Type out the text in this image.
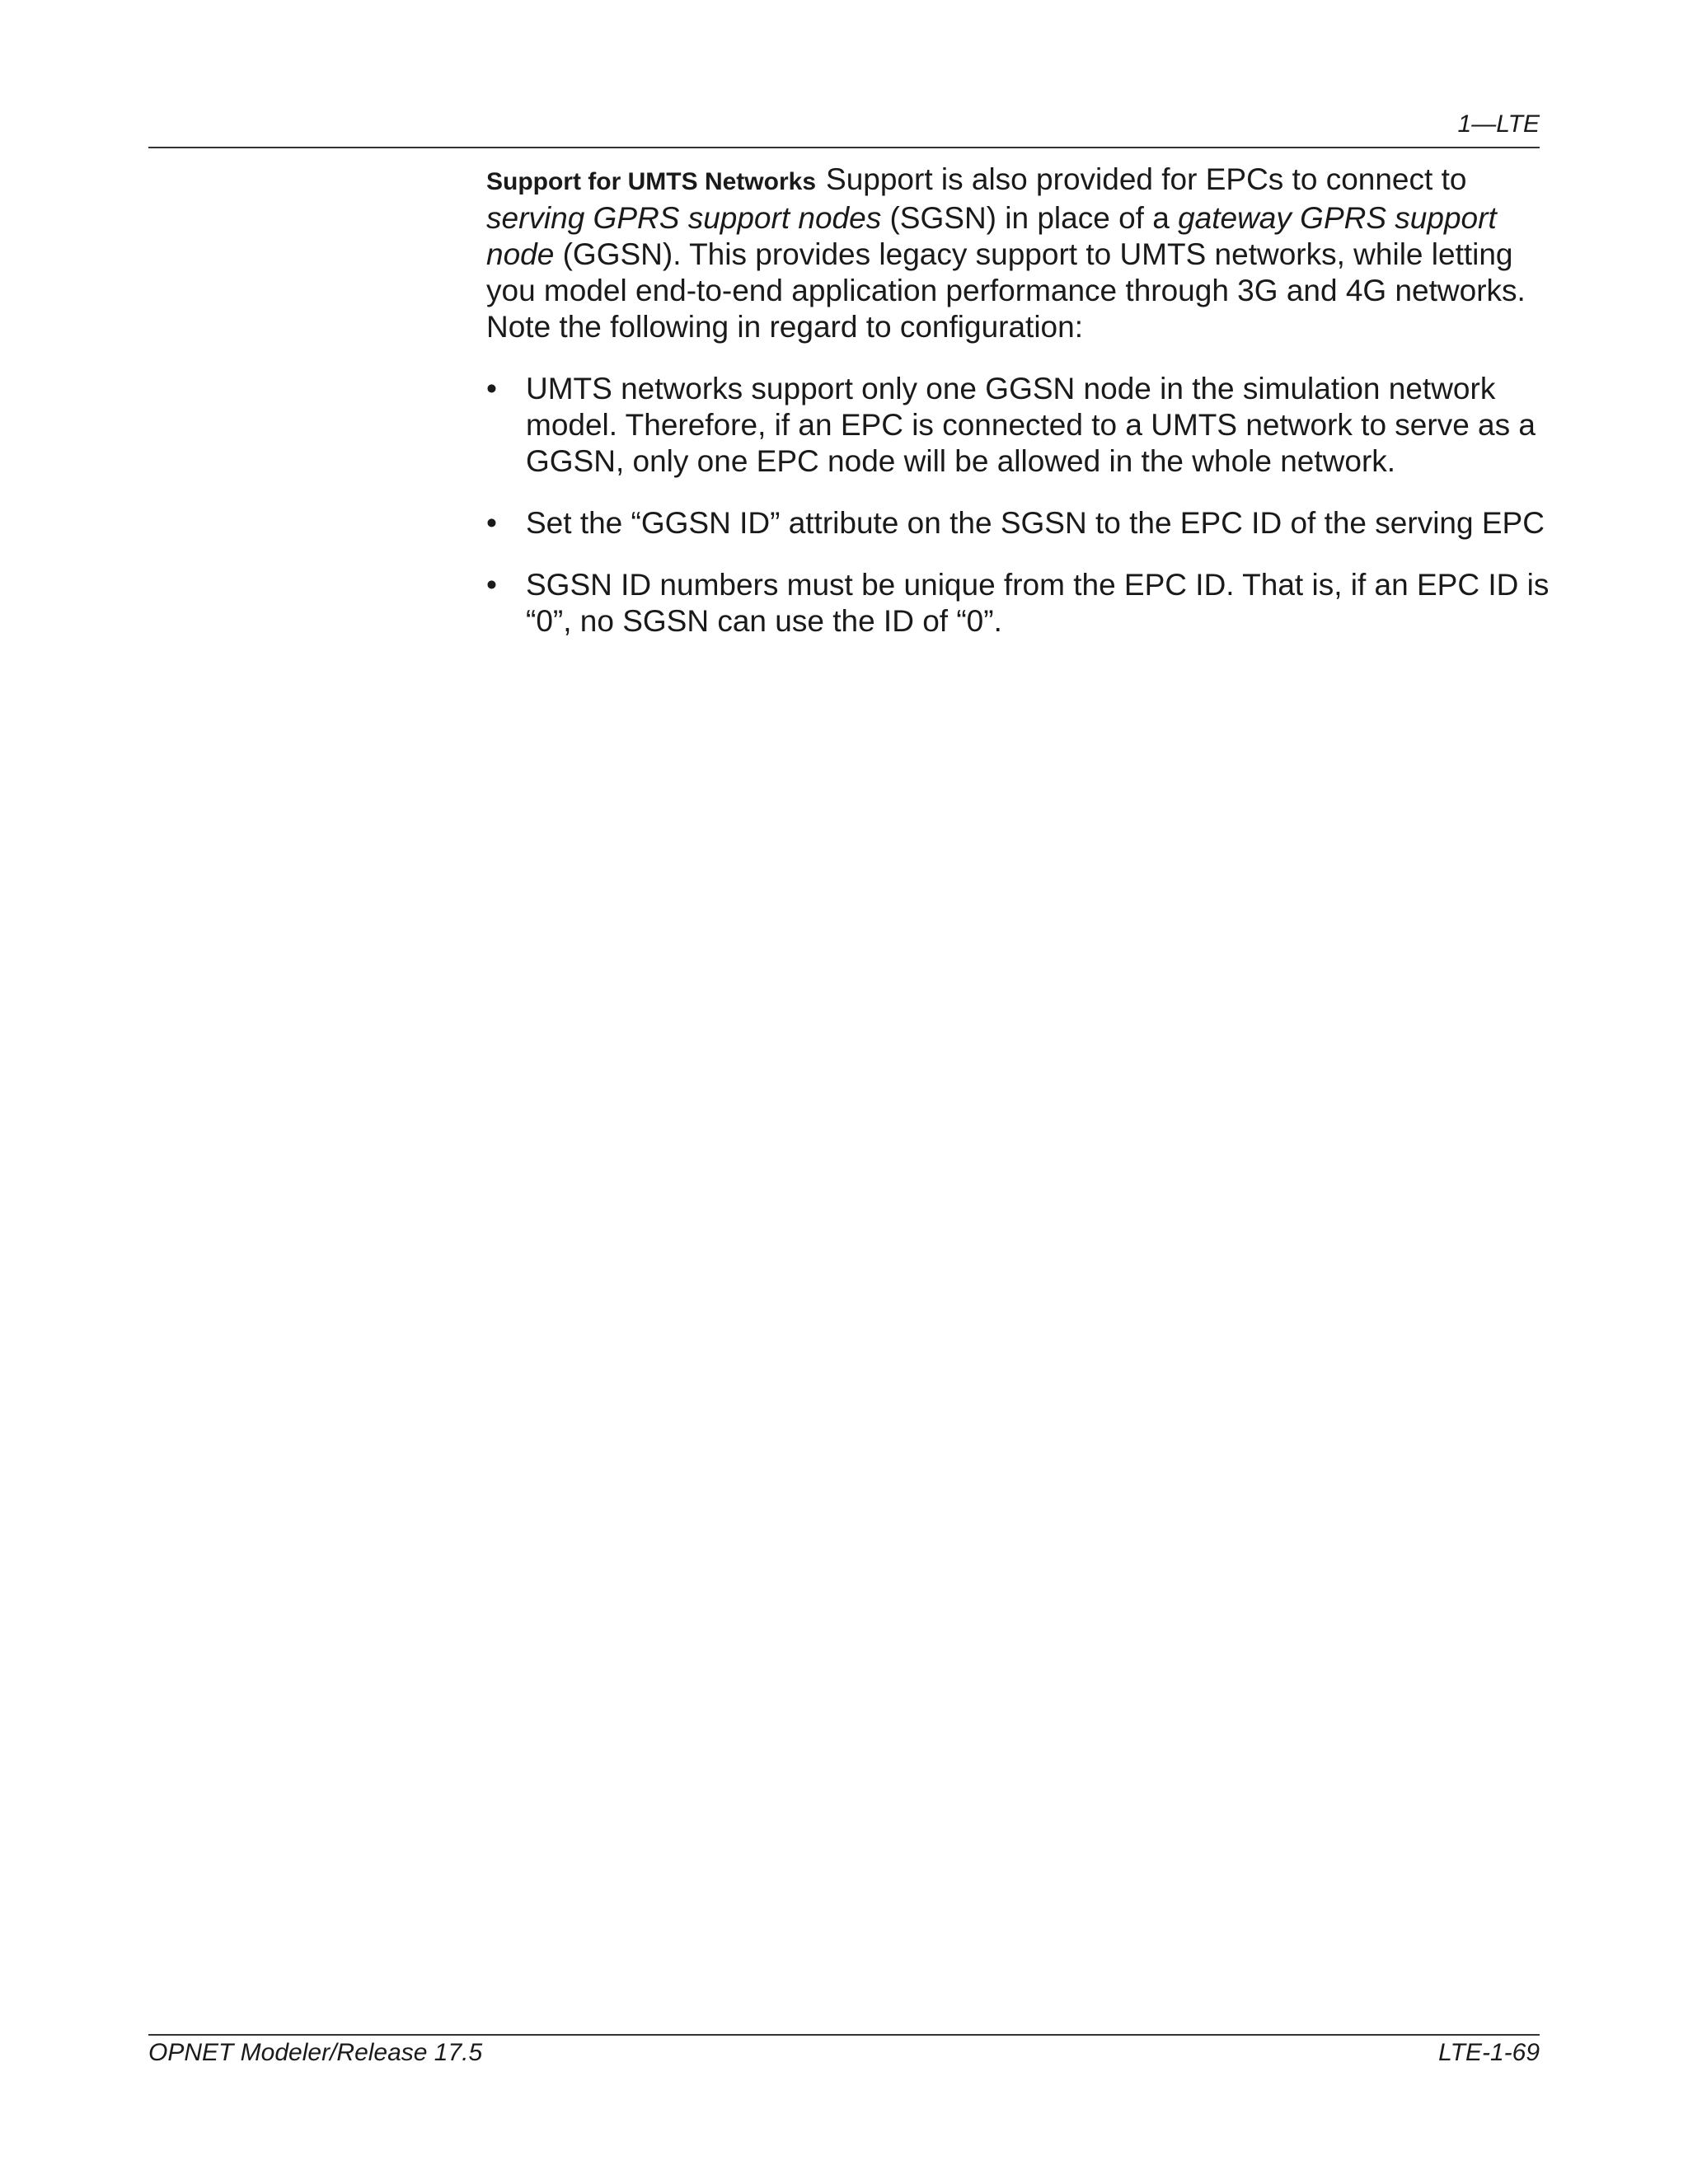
1—LTE

Support for UMTS Networks Support is also provided for EPCs to connect to serving GPRS support nodes (SGSN) in place of a gateway GPRS support node (GGSN). This provides legacy support to UMTS networks, while letting you model end-to-end application performance through 3G and 4G networks. Note the following in regard to configuration:

• UMTS networks support only one GGSN node in the simulation network model. Therefore, if an EPC is connected to a UMTS network to serve as a GGSN, only one EPC node will be allowed in the whole network.
• Set the “GGSN ID” attribute on the SGSN to the EPC ID of the serving EPC
• SGSN ID numbers must be unique from the EPC ID. That is, if an EPC ID is “0”, no SGSN can use the ID of “0”.
OPNET Modeler/Release 17.5	LTE-1-69
